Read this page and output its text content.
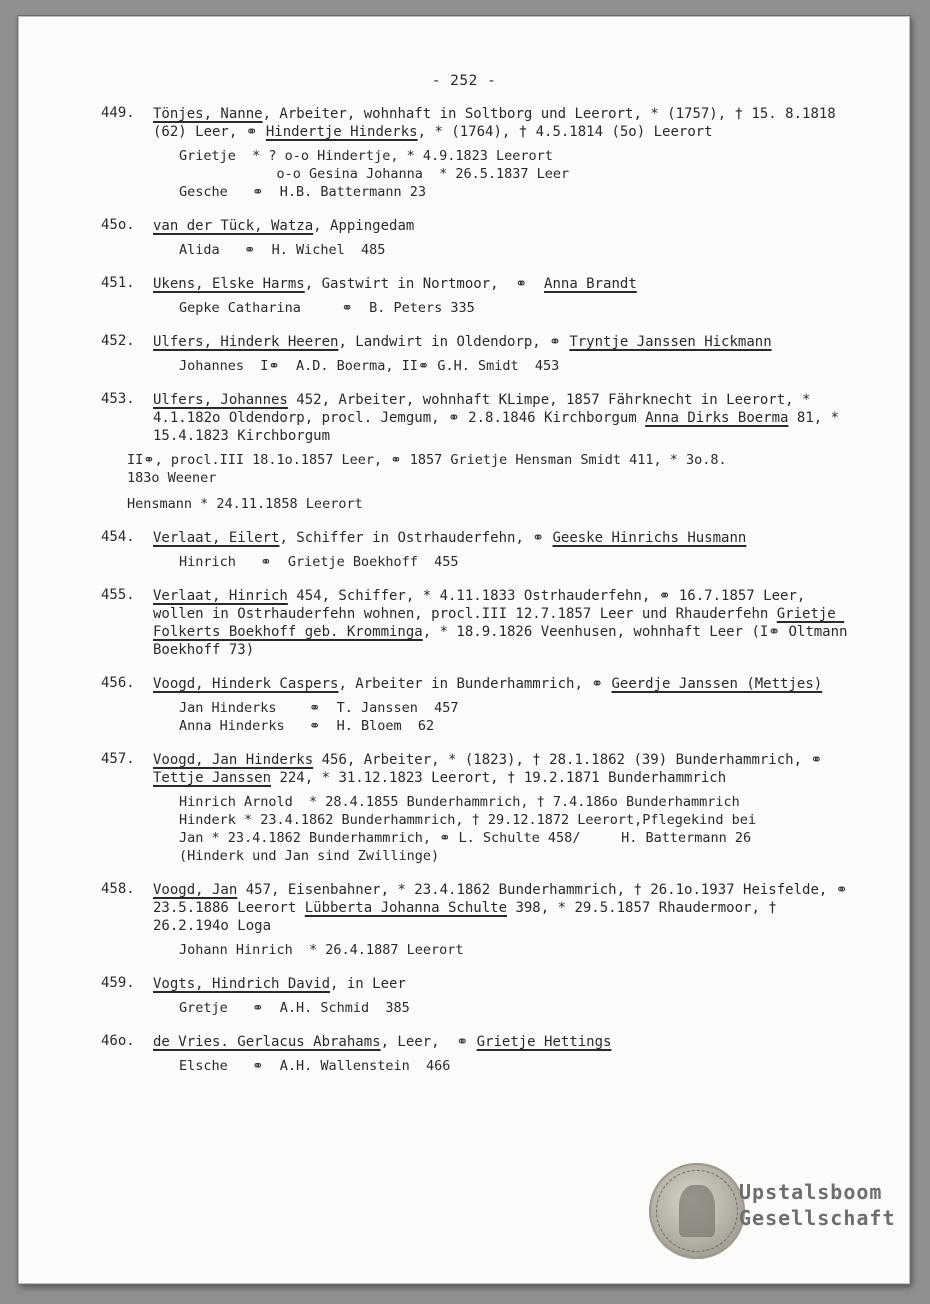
- 252 -
449.	Tönjes, Nanne, Arbeiter, wohnhaft in Soltborg und Leerort, * (1757), † 15. 8.1818 (62) Leer, ⚭ Hindertje Hinderks, * (1764), † 4.5.1814 (5o) Leerort
Grietje  * ? o-o Hindertje, * 4.9.1823 Leerort
o-o Gesina Johanna  * 26.5.1837 Leer
Gesche   ⚭  H.B. Battermann 23
45o.	van der Tück, Watza, Appingedam
Alida   ⚭  H. Wichel  485
451.	Ukens, Elske Harms, Gastwirt in Nortmoor,  ⚭  Anna Brandt
Gepke Catharina     ⚭  B. Peters 335
452.	Ulfers, Hinderk Heeren, Landwirt in Oldendorp, ⚭ Tryntje Janssen Hickmann
Johannes  I⚭  A.D. Boerma, II⚭ G.H. Smidt  453
453.	Ulfers, Johannes 452, Arbeiter, wohnhaft KLimpe, 1857 Fährknecht in Leerort, * 4.1.182o Oldendorp, procl. Jemgum, ⚭ 2.8.1846 Kirchborgum Anna Dirks Boerma 81, * 15.4.1823 Kirchborgum
II⚭, procl.III 18.1o.1857 Leer, ⚭ 1857 Grietje Hensman Smidt 411, * 3o.8.
183o Weener
Hensmann * 24.11.1858 Leerort
454.	Verlaat, Eilert, Schiffer in Ostrhauderfehn, ⚭ Geeske Hinrichs Husmann
Hinrich   ⚭  Grietje Boekhoff  455
455.	Verlaat, Hinrich 454, Schiffer, * 4.11.1833 Ostrhauderfehn, ⚭ 16.7.1857 Leer, wollen in Ostrhauderfehn wohnen, procl.III 12.7.1857 Leer und Rhauderfehn Grietje Folkerts Boekhoff geb. Kromminga, * 18.9.1826 Veenhusen, wohnhaft Leer (I⚭ Oltmann Boekhoff 73)
456.	Voogd, Hinderk Caspers, Arbeiter in Bunderhammrich, ⚭ Geerdje Janssen (Mettjes)
Jan Hinderks    ⚭  T. Janssen  457
Anna Hinderks   ⚭  H. Bloem  62
457.	Voogd, Jan Hinderks 456, Arbeiter, * (1823), † 28.1.1862 (39) Bunderhammrich, ⚭ Tettje Janssen 224, * 31.12.1823 Leerort, † 19.2.1871 Bunderhammrich
Hinrich Arnold  * 28.4.1855 Bunderhammrich, † 7.4.186o Bunderhammrich
Hinderk * 23.4.1862 Bunderhammrich, † 29.12.1872 Leerort,Pflegekind bei
Jan * 23.4.1862 Bunderhammrich, ⚭ L. Schulte 458/     H. Battermann 26
(Hinderk und Jan sind Zwillinge)
458.	Voogd, Jan 457, Eisenbahner, * 23.4.1862 Bunderhammrich, † 26.1o.1937 Heisfelde, ⚭ 23.5.1886 Leerort Lübberta Johanna Schulte 398, * 29.5.1857 Rhaudermoor, † 26.2.194o Loga
Johann Hinrich  * 26.4.1887 Leerort
459.	Vogts, Hindrich David, in Leer
Gretje   ⚭  A.H. Schmid  385
46o.	de Vries. Gerlacus Abrahams, Leer,  ⚭ Grietje Hettings
Elsche   ⚭  A.H. Wallenstein  466
Upstalsboom
Gesellschaft
